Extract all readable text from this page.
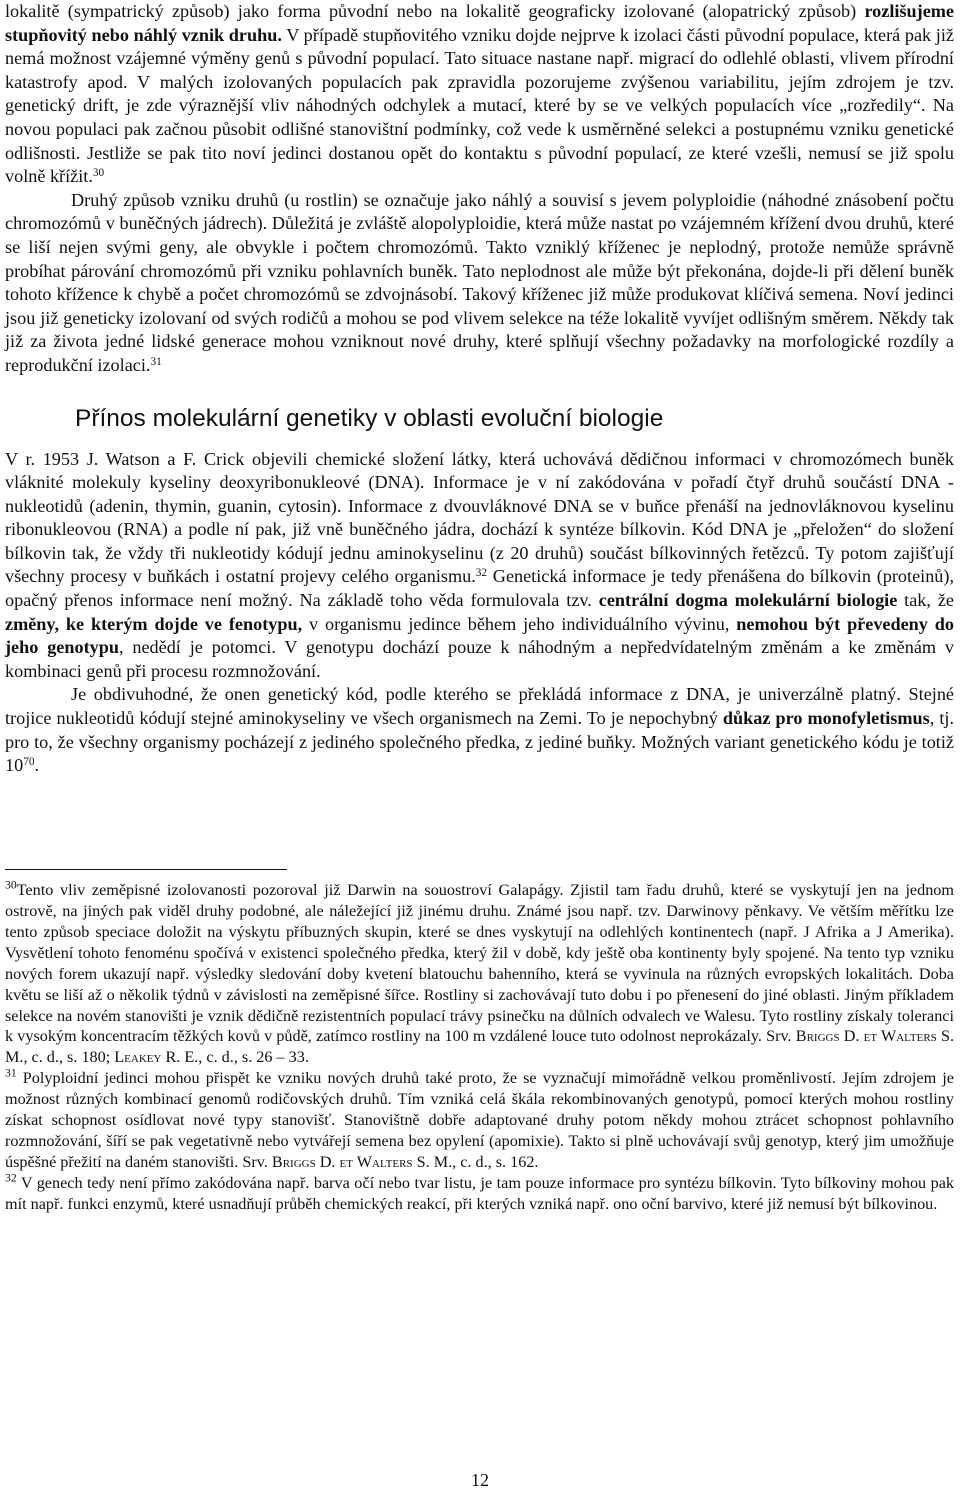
lokalitě (sympatrický způsob) jako forma původní nebo na lokalitě geograficky izolované (alopatrický způsob) rozlišujeme stupňovitý nebo náhlý vznik druhu. V případě stupňovitého vzniku dojde nejprve k izolaci části původní populace, která pak již nemá možnost vzájemné výměny genů s původní populací. Tato situace nastane např. migrací do odlehlé oblasti, vlivem přírodní katastrofy apod. V malých izolovaných populacích pak zpravidla pozorujeme zvýšenou variabilitu, jejím zdrojem je tzv. genetický drift, je zde výraznější vliv náhodných odchylek a mutací, které by se ve velkých populacích více „rozředily“. Na novou populaci pak začnou působit odlišné stanovištní podmínky, což vede k usměrněné selekci a postupnému vzniku genetické odlišnosti. Jestliže se pak tito noví jedinci dostanou opět do kontaktu s původní populací, ze které vzešli, nemusí se již spolu volně křížit.$^{30}$

Druhý způsob vzniku druhů (u rostlin) se označuje jako náhlý a souvisí s jevem polyploidie (náhodné znásobení počtu chromozómů v buněčných jádrech). Důležitá je zvláště alopolyploidie, která může nastat po vzájemném křížení dvou druhů, které se liší nejen svými geny, ale obvykle i počtem chromozómů. Takto vzniklý kříženec je neplodný, protože nemůže správně probíhat párování chromozómů při vzniku pohlavních buněk. Tato neplodnost ale může být překonána, dojde-li při dělení buněk tohoto křížence k chybě a počet chromozómů se zdvojnásobí. Takový kříženec již může produkovat klíčivá semena. Noví jedinci jsou již geneticky izolovaní od svých rodičů a mohou se pod vlivem selekce na téže lokalitě vyvíjet odlišným směrem. Někdy tak již za života jedné lidské generace mohou vzniknout nové druhy, které splňují všechny požadavky na morfologické rozdíly a reprodukční izolaci.$^{31}$

Přínos molekulární genetiky v oblasti evoluční biologie

V r. 1953 J. Watson a F. Crick objevili chemické složení látky, která uchovává dědičnou informaci v chromozómech buněk vláknité molekuly kyseliny deoxyribonukleové (DNA). Informace je v ní zakódována v pořadí čtyř druhů součástí DNA - nukleotidů (adenin, thymin, guanin, cytosin). Informace z dvouvláknové DNA se v buňce přenáší na jednovláknovou kyselinu ribonukleovou (RNA) a podle ní pak, již vně buněčného jádra, dochází k syntéze bílkovin. Kód DNA je „přeložen“ do složení bílkovin tak, že vždy tři nukleotidy kódují jednu aminokyselinu (z 20 druhů) součást bílkovinných řetězců. Ty potom zajišťují všechny procesy v buňkách i ostatní projevy celého organismu.$^{32}$ Genetická informace je tedy přenášena do bílkovin (proteinů), opačný přenos informace není možný. Na základě toho věda formulovala tzv. centrální dogma molekulární biologie tak, že změny, ke kterým dojde ve fenotypu, v organismu jedince během jeho individuálního vývinu, nemohou být převedeny do jeho genotypu, nedědí je potomci. V genotypu dochází pouze k náhodným a nepředvídatelným změnám a ke změnám v kombinaci genů při procesu rozmnožování.

Je obdivuhodné, že onen genetický kód, podle kterého se překládá informace z DNA, je univerzálně platný. Stejné trojice nukleotidů kódují stejné aminokyseliny ve všech organismech na Zemi. To je nepochybný důkaz pro monofyletismus, tj. pro to, že všechny organismy pocházejí z jediného společného předka, z jediné buňky. Možných variant genetického kódu je totiž $10^{70}$.

$^{30}$Tento vliv zeměpisné izolovanosti pozoroval již Darwin na souostroví Galapágy. Zjistil tam řadu druhů, které se vyskytují jen na jednom ostrově, na jiných pak viděl druhy podobné, ale náležející již jinému druhu. Známé jsou např. tzv. Darwinovy pěnkavy. Ve větším měřítku lze tento způsob speciace doložit na výskytu příbuzných skupin, které se dnes vyskytují na odlehlých kontinentech (např. J Afrika a J Amerika). Vysvětlení tohoto fenoménu spočívá v existenci společného předka, který žil v době, kdy ještě oba kontinenty byly spojené. Na tento typ vzniku nových forem ukazují např. výsledky sledování doby kvetení blatouchu bahenního, která se vyvinula na různých evropských lokalitách. Doba květu se liší až o několik týdnů v závislosti na zeměpisné šířce. Rostliny si zachovávají tuto dobu i po přenesení do jiné oblasti. Jiným příkladem selekce na novém stanovišti je vznik dědičně rezistentních populací trávy psinečku na důlních odvalech ve Walesu. Tyto rostliny získaly toleranci k vysokým koncentracím těžkých kovů v půdě, zatímco rostliny na 100 m vzdálené louce tuto odolnost neprokázaly. Srv. Briggs D. et Walters S. M., c. d., s. 180; Leakey R. E., c. d., s. 26 – 33.

$^{31}$ Polyploidní jedinci mohou přispět ke vzniku nových druhů také proto, že se vyznačují mimořádně velkou proměnlivostí. Jejím zdrojem je možnost různých kombinací genomů rodičovských druhů. Tím vzniká celá škála rekombinovaných genotypů, pomocí kterých mohou rostliny získat schopnost osídlovat nové typy stanovišť. Stanovištně dobře adaptované druhy potom někdy mohou ztrácet schopnost pohlavního rozmnožování, šíří se pak vegetativně nebo vytvářejí semena bez opylení (apomixie). Takto si plně uchovávají svůj genotyp, který jim umožňuje úspěšné přežití na daném stanovišti. Srv. Briggs D. et Walters S. M., c. d., s. 162.

$^{32}$ V genech tedy není přímo zakódována např. barva očí nebo tvar listu, je tam pouze informace pro syntézu bílkovin. Tyto bílkoviny mohou pak mít např. funkci enzymů, které usnadňují průběh chemických reakcí, při kterých vzniká např. ono oční barvivo, které již nemusí být bílkovinou.

12
